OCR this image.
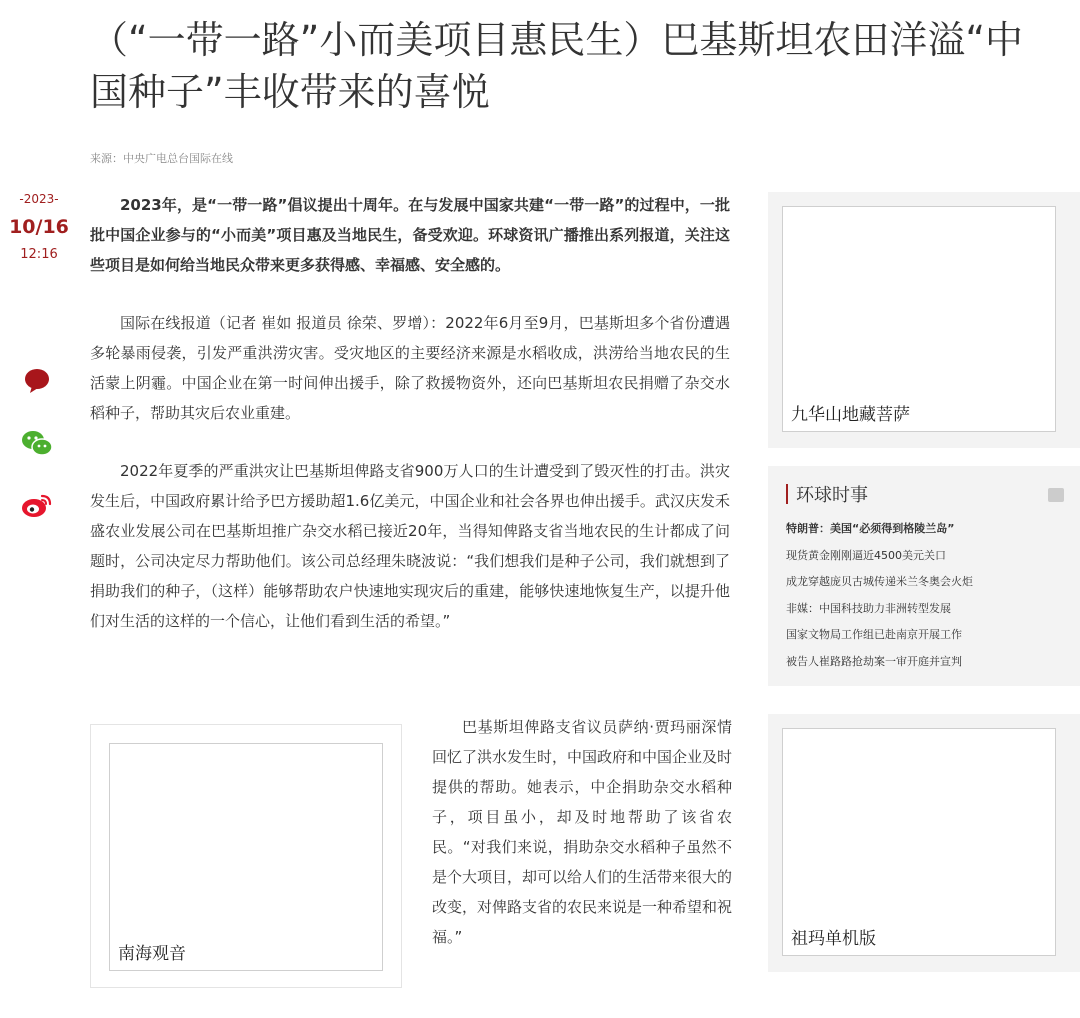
（“一带一路”小而美项目惠民生）巴基斯坦农田洋溢“中国种子”丰收带来的喜悦
来源：中央广电总台国际在线
-2023-
10/16
12:16

2023年，是“一带一路”倡议提出十周年。在与发展中国家共建“一带一路”的过程中，一批批中国企业参与的“小而美”项目惠及当地民生，备受欢迎。环球资讯广播推出系列报道，关注这些项目是如何给当地民众带来更多获得感、幸福感、安全感的。

国际在线报道（记者 崔如 报道员 徐荣、罗增）：2022年6月至9月，巴基斯坦多个省份遭遇多轮暴雨侵袭，引发严重洪涝灾害。受灾地区的主要经济来源是水稻收成，洪涝给当地农民的生活蒙上阴霾。中国企业在第一时间伸出援手，除了救援物资外，还向巴基斯坦农民捐赠了杂交水稻种子，帮助其灾后农业重建。

2022年夏季的严重洪灾让巴基斯坦俾路支省900万人口的生计遭受到了毁灭性的打击。洪灾发生后，中国政府累计给予巴方援助超1.6亿美元，中国企业和社会各界也伸出援手。武汉庆发禾盛农业发展公司在巴基斯坦推广杂交水稻已接近20年，当得知俾路支省当地农民的生计都成了问题时，公司决定尽力帮助他们。该公司总经理朱晓波说：“我们想我们是种子公司，我们就想到了捐助我们的种子，（这样）能够帮助农户快速地实现灾后的重建，能够快速地恢复生产，以提升他们对生活的这样的一个信心，让他们看到生活的希望。”

南海观音

巴基斯坦俾路支省议员萨纳·贾玛丽深情回忆了洪水发生时，中国政府和中国企业及时提供的帮助。她表示，中企捐助杂交水稻种子，项目虽小，却及时地帮助了该省农民。“对我们来说，捐助杂交水稻种子虽然不是个大项目，却可以给人们的生活带来很大的改变，对俾路支省的农民来说是一种希望和祝福。”

九华山地藏菩萨
环球时事
特朗普：美国“必须得到格陵兰岛”
现货黄金刚刚逼近4500美元关口
成龙穿越庞贝古城传递米兰冬奥会火炬
非媒：中国科技助力非洲转型发展
国家文物局工作组已赴南京开展工作
被告人崔路路抢劫案一审开庭并宣判
祖玛单机版
